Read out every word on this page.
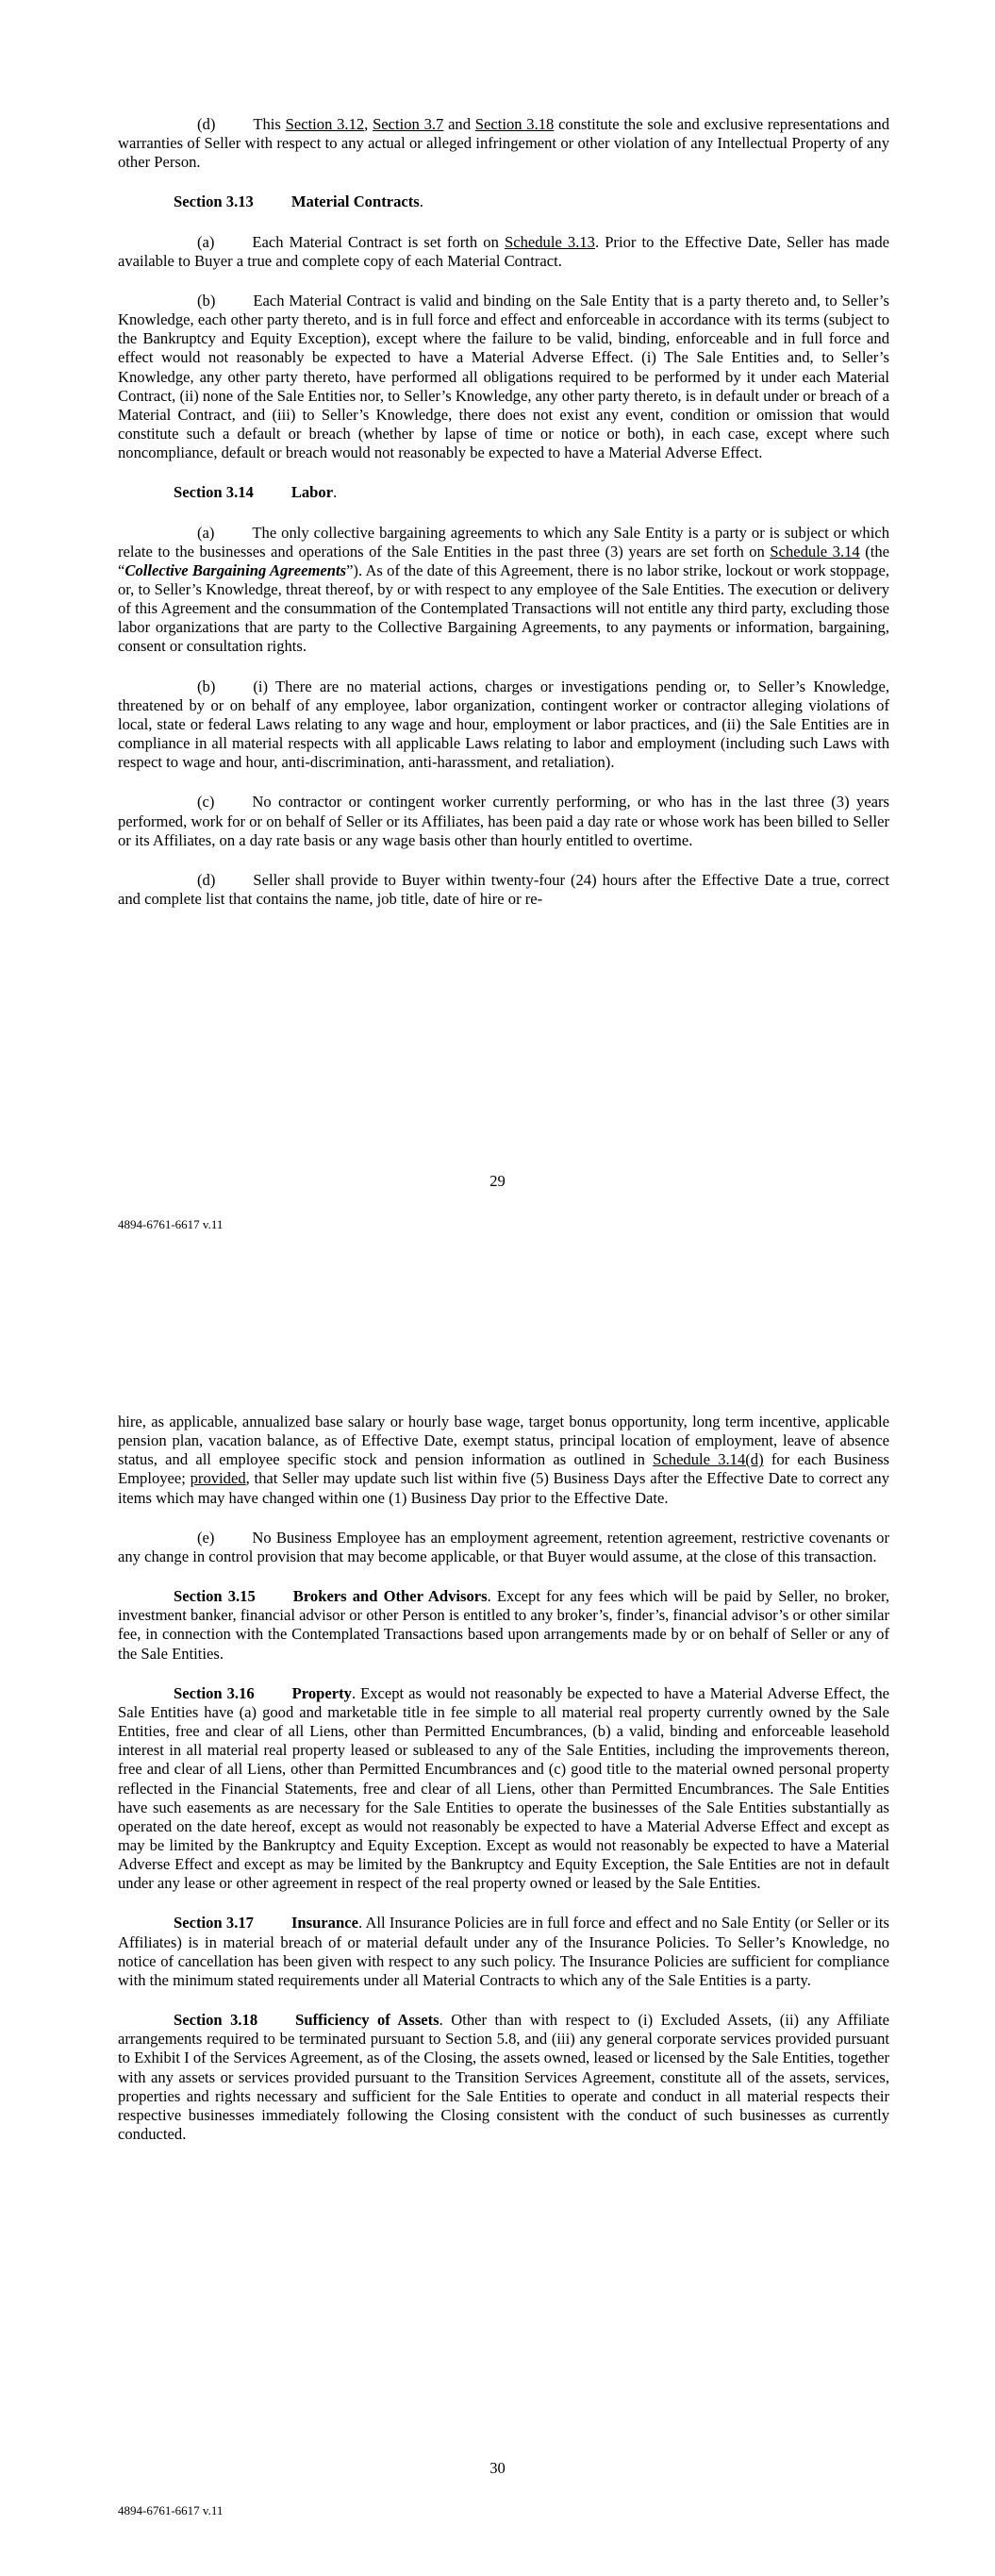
(d) This Section 3.12, Section 3.7 and Section 3.18 constitute the sole and exclusive representations and warranties of Seller with respect to any actual or alleged infringement or other violation of any Intellectual Property of any other Person.

Section 3.13 Material Contracts.

(a) Each Material Contract is set forth on Schedule 3.13. Prior to the Effective Date, Seller has made available to Buyer a true and complete copy of each Material Contract.

(b) Each Material Contract is valid and binding on the Sale Entity that is a party thereto and, to Seller’s Knowledge, each other party thereto, and is in full force and effect and enforceable in accordance with its terms (subject to the Bankruptcy and Equity Exception), except where the failure to be valid, binding, enforceable and in full force and effect would not reasonably be expected to have a Material Adverse Effect. (i) The Sale Entities and, to Seller’s Knowledge, any other party thereto, have performed all obligations required to be performed by it under each Material Contract, (ii) none of the Sale Entities nor, to Seller’s Knowledge, any other party thereto, is in default under or breach of a Material Contract, and (iii) to Seller’s Knowledge, there does not exist any event, condition or omission that would constitute such a default or breach (whether by lapse of time or notice or both), in each case, except where such noncompliance, default or breach would not reasonably be expected to have a Material Adverse Effect.

Section 3.14 Labor.

(a) The only collective bargaining agreements to which any Sale Entity is a party or is subject or which relate to the businesses and operations of the Sale Entities in the past three (3) years are set forth on Schedule 3.14 (the “Collective Bargaining Agreements”). As of the date of this Agreement, there is no labor strike, lockout or work stoppage, or, to Seller’s Knowledge, threat thereof, by or with respect to any employee of the Sale Entities. The execution or delivery of this Agreement and the consummation of the Contemplated Transactions will not entitle any third party, excluding those labor organizations that are party to the Collective Bargaining Agreements, to any payments or information, bargaining, consent or consultation rights.

(b) (i) There are no material actions, charges or investigations pending or, to Seller’s Knowledge, threatened by or on behalf of any employee, labor organization, contingent worker or contractor alleging violations of local, state or federal Laws relating to any wage and hour, employment or labor practices, and (ii) the Sale Entities are in compliance in all material respects with all applicable Laws relating to labor and employment (including such Laws with respect to wage and hour, anti-discrimination, anti-harassment, and retaliation).

(c) No contractor or contingent worker currently performing, or who has in the last three (3) years performed, work for or on behalf of Seller or its Affiliates, has been paid a day rate or whose work has been billed to Seller or its Affiliates, on a day rate basis or any wage basis other than hourly entitled to overtime.

(d) Seller shall provide to Buyer within twenty-four (24) hours after the Effective Date a true, correct and complete list that contains the name, job title, date of hire or re-

29
4894-6761-6617 v.11

hire, as applicable, annualized base salary or hourly base wage, target bonus opportunity, long term incentive, applicable pension plan, vacation balance, as of Effective Date, exempt status, principal location of employment, leave of absence status, and all employee specific stock and pension information as outlined in Schedule 3.14(d) for each Business Employee; provided, that Seller may update such list within five (5) Business Days after the Effective Date to correct any items which may have changed within one (1) Business Day prior to the Effective Date.

(e) No Business Employee has an employment agreement, retention agreement, restrictive covenants or any change in control provision that may become applicable, or that Buyer would assume, at the close of this transaction.

Section 3.15 Brokers and Other Advisors. Except for any fees which will be paid by Seller, no broker, investment banker, financial advisor or other Person is entitled to any broker’s, finder’s, financial advisor’s or other similar fee, in connection with the Contemplated Transactions based upon arrangements made by or on behalf of Seller or any of the Sale Entities.

Section 3.16 Property. Except as would not reasonably be expected to have a Material Adverse Effect, the Sale Entities have (a) good and marketable title in fee simple to all material real property currently owned by the Sale Entities, free and clear of all Liens, other than Permitted Encumbrances, (b) a valid, binding and enforceable leasehold interest in all material real property leased or subleased to any of the Sale Entities, including the improvements thereon, free and clear of all Liens, other than Permitted Encumbrances and (c) good title to the material owned personal property reflected in the Financial Statements, free and clear of all Liens, other than Permitted Encumbrances. The Sale Entities have such easements as are necessary for the Sale Entities to operate the businesses of the Sale Entities substantially as operated on the date hereof, except as would not reasonably be expected to have a Material Adverse Effect and except as may be limited by the Bankruptcy and Equity Exception. Except as would not reasonably be expected to have a Material Adverse Effect and except as may be limited by the Bankruptcy and Equity Exception, the Sale Entities are not in default under any lease or other agreement in respect of the real property owned or leased by the Sale Entities.

Section 3.17 Insurance. All Insurance Policies are in full force and effect and no Sale Entity (or Seller or its Affiliates) is in material breach of or material default under any of the Insurance Policies. To Seller’s Knowledge, no notice of cancellation has been given with respect to any such policy. The Insurance Policies are sufficient for compliance with the minimum stated requirements under all Material Contracts to which any of the Sale Entities is a party.

Section 3.18 Sufficiency of Assets. Other than with respect to (i) Excluded Assets, (ii) any Affiliate arrangements required to be terminated pursuant to Section 5.8, and (iii) any general corporate services provided pursuant to Exhibit I of the Services Agreement, as of the Closing, the assets owned, leased or licensed by the Sale Entities, together with any assets or services provided pursuant to the Transition Services Agreement, constitute all of the assets, services, properties and rights necessary and sufficient for the Sale Entities to operate and conduct in all material respects their respective businesses immediately following the Closing consistent with the conduct of such businesses as currently conducted.

30
4894-6761-6617 v.11
